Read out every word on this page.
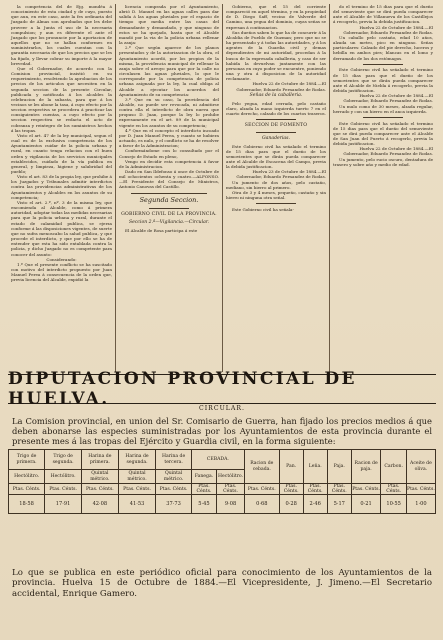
la competencia del de Ejg. mondéa á conocimiento de esta ciudad y de cuyo, puesto que aun, en este caso, ante la fes ordinaria del Juzgado de Almas son aprobados que les debe proveer a la Junta el uso de la necesaria compulsion; y aun es diferente el ante el Juzgado que los pronuncie por la aportacion de aquellos que no se hallan conformes en suministrarlos, los cuales cuentan con la garantía necesaria de que los precios que se les ha fijado, y llevar cobrar su importe á la mayor brevedad.

Que el Gobernador, de acuerdo con la Comision provincial, insistió en su requerimiento, resolviendo la aprobacion de los precios de los articulos que necesiten en la segunda seccion de la presente Circular, publicada y notificada á los alcaldes la celebracion de la subasta, para que á los vecinos se les abone la tasa, á cuyo efecto por la seccion respectiva se procedera á practicar las consiguientes cuentas, a cuyo efecto por la seccion respectiva se redacta el acto de cobranza y reintegro de los suministros hechos á las tropas.

Visto el art. 47 de la ley municipal, segun el cual es de la exclusiva competencia de los Ayuntamientos cuidar de la policia urbana y rural, en cuanto tenga relacion con el buen orden y vigilancia de los servicios municipales establecidos, cuidado de la vía publica en general, y limpieza, higiene y salubridad del pueblo;

Visto el art. 83 de la propia ley, que prohibe á los Juzgados y Tribunales admitir interdictos contra las providencias administrativas de los Ayuntamientos y Alcaldes en los asuntos de su competencia;

Visto el art. 2.º, nº. 3 de la misma ley, que encomienda al Alcalde, como á primera autoridad, adoptar todas las medidas necesarias para que la policia urbana y rural, durante el estado de calamidad publica, se ejerza conforme á las disposiciones vigentes, de suerte que no sufra menoscabo la salud publica, y que procede el interdicto, y que por ello se ha de entender que esta ha sido entablada contra la policia, y dicho Juzgado no es competente para conocer del asunto:

Considerando:

1.º Que el presente conflicto se ha suscitado con motivo del interdicto propuesto por Juan Manuel Perea á consecuencia de la orden que, previa licencia del Alcalde, expidió la

licencia comprada por el Ayuntamiento, abrió D. Manuel en las aguas calles para dar salida á las aguas pluviales por el espacio de tiempo que media entre las casas del demandante y demandado, y que ninguno de estos se ha quejado, hasta que el Alcalde mandó por la via de la policia urbana rellenar la zanja:

2.º Que según aparece de los planos presentados y de la autorizacion de la obra, el Ayuntamiento acordó, por los propios de la misma, la providencia municipal de rellenar la zanja sobre el arroyo para que por la calle no circulasen las aguas pluviales, lo que le corresponde por la competencia de policia urbana asignada por la ley, la cual obliga al Alcalde a ejecutar los acuerdos del Ayuntamiento de su competencia:

3.º Que en su caso, la providencia del Alcalde, no puede ser revocada, ni admitirse contra ella el interdicto de obra nueva que propuso D. Juan, porque la ley lo prohibe expresamente en el art. 89 de la municipal vigente en los asuntos de su competencia;

4.º Que en el concepto el interdicto incoado por D. Juan Manuel Perea, y cuanto se hubiera actuado, es nulo, y el conflicto se ha de resolver a favor de la Administracion;

Conformándome con lo consultado por el Consejo de Estado en pleno,

Vengo en decidir esta competencia á favor de la Administracion.

Dado en San Ildefonso á once de Octubre de mil ochocientos ochenta y cuatro.—ALFONSO.—El Presidente del Consejo de Ministros, Antonio Canovas del Castillo.

Segunda Seccion.
GOBIERNO CIVIL DE LA PROVINCIA.
Seccion 2.ª—Vigilancia.—Circular.

El Alcalde de Rosa participa á este

Gobierno, que el 15 del corriente compareció en aquel término, y en la propiedad de D. Diego Saff, vecino de Valverde del Camino, una yegua del dominio, cuyas señas se expresan á continuacion.

Sus dueños saben lo que ha de concurrir á la Alcaldia de Pueblo de Guzman; pero que no se ha presentado y á todas las autoridades, y á los agentes de la Guardia civil y demas dependientes de mi autoridad, procedan á la busca de la expresada caballeria, y caso de ser habida la devuelvan juntamente con las personas en cuyo poder se encuentre, poniendo una y otra á disposicion de la autoridad reclamante.

Huelva 22 de Octubre de 1884.—El Gobernador, Eduardo Fernandez de Rodas.

Señas de la caballeria.

Pelo yegua, edad cerrada, pelo castaño claro, alzada la mano izquierda tuerto 7 en el cuarto derecho, calzado de los cuartos traseros.

SECCION DE FOMENTO
Ganaderias.

Este Gobierno civil ha señalado el termino de 15 dias para que el dueño de los semovientes que se dirán pueda comparecer ante el Alcalde de Escacena del Campo, previa la debida justificacion.

Huelva 23 de Octubre de 1884.—El Gobernador, Eduardo Fernandez de Rodas.

Un jumento de dos años, pelo castaño, mediano, sin hierro al primero.

Otra de 3 y 4 meses, pequeño, castaño y sin hierro ni ninguna otra señal.

Este Gobierno civil ha señala-

do el termino de 15 dias para que el dueño del semoviente que se dirá pueda comparecer ante el Alcalde de Villanueva de los Castillejos á recogerlo, previa la debida justificacion.

Huelva 22 de Octubre de 1884.—El Gobernador, Eduardo Fernandez de Rodas.

Un caballo pelo castaño, edad 10 años, alzada un metro, pico en ninguno. Señas particulares: Calzado del pie derecho, luceros y hebilla en ambos pies; blancas en el lomo y derramado de los dos estómagos.

Este Gobierno civil ha señalado el termino de 15 dias para que el dueño de los semovientes que se dirán pueda comparecer ante el Alcalde de Niebla á recogerlo, previa la debida justificacion.

Huelva 22 de Octubre de 1884.—El Gobernador, Eduardo Fernandez de Rodas.

Un mulo como de 30 meses, alzada regular, herrado y con un hierro en el anca izquierda.

Este Gobierno civil ha señalado el termino de 15 dias para que el dueño del semoviente que se dirá pueda comparecer ante el Alcalde de San Juan del Puerto á recogerlo, previa la debida justificacion.

Huelva 22 de Octubre de 1884.—El Gobernador, Eduardo Fernandez de Rodas.

Un jumento, pelo rucio oscuro, dentadura de trasero y sobre año y medio de edad.

DIPUTACION PROVINCIAL DE HUELVA.	CIRCULAR.
La Comision provincial, en union del Sr. Comisario de Guerra, han fijado los precios medios á que deben abonarse las especies suministradas por los Ayuntamientos de esta provincia durante el presente mes á las tropas del Ejército y Guardia civil, en la forma siguiente:
Trigo de primera.	Trigo de segunda.	Harina de primera.	Harina de segunda.	Harina de tercera.	CEBADA.		Racion de cebada.	Pan.	Leña.	Paja.	Racion de paja.	Carbon.	Aceite de oliva.
Hectólitro.	Hectólitro.	Quintal métrico.	Quintal métrico.	Quintal métrico.	Fanega.	Hectólitro.							
Ptas. Cénts.	Ptas. Cénts.	Ptas. Cénts.	Ptas. Cénts.	Ptas. Cénts.	Ptas. Cénts.	Ptas. Cénts.	Ptas. Cénts.	Ptas. Cénts.	Ptas. Cénts.	Ptas. Cénts.	Ptas. Cénts.	Ptas. Cénts.	Ptas. Cénts.
18·58	17·91	42·08	41·53	37·73	5·45	9·08	0·68	0·28	2·46	5·17	0·21	10·55	1·00
Lo que se publica en este periódico oficial para conocimiento de los Ayuntamientos de la provincia. Huelva 15 de Octubre de 1884.—El Vicepresidente, J. Jimeno.—El Secretario accidental, Enrique Gamero.
